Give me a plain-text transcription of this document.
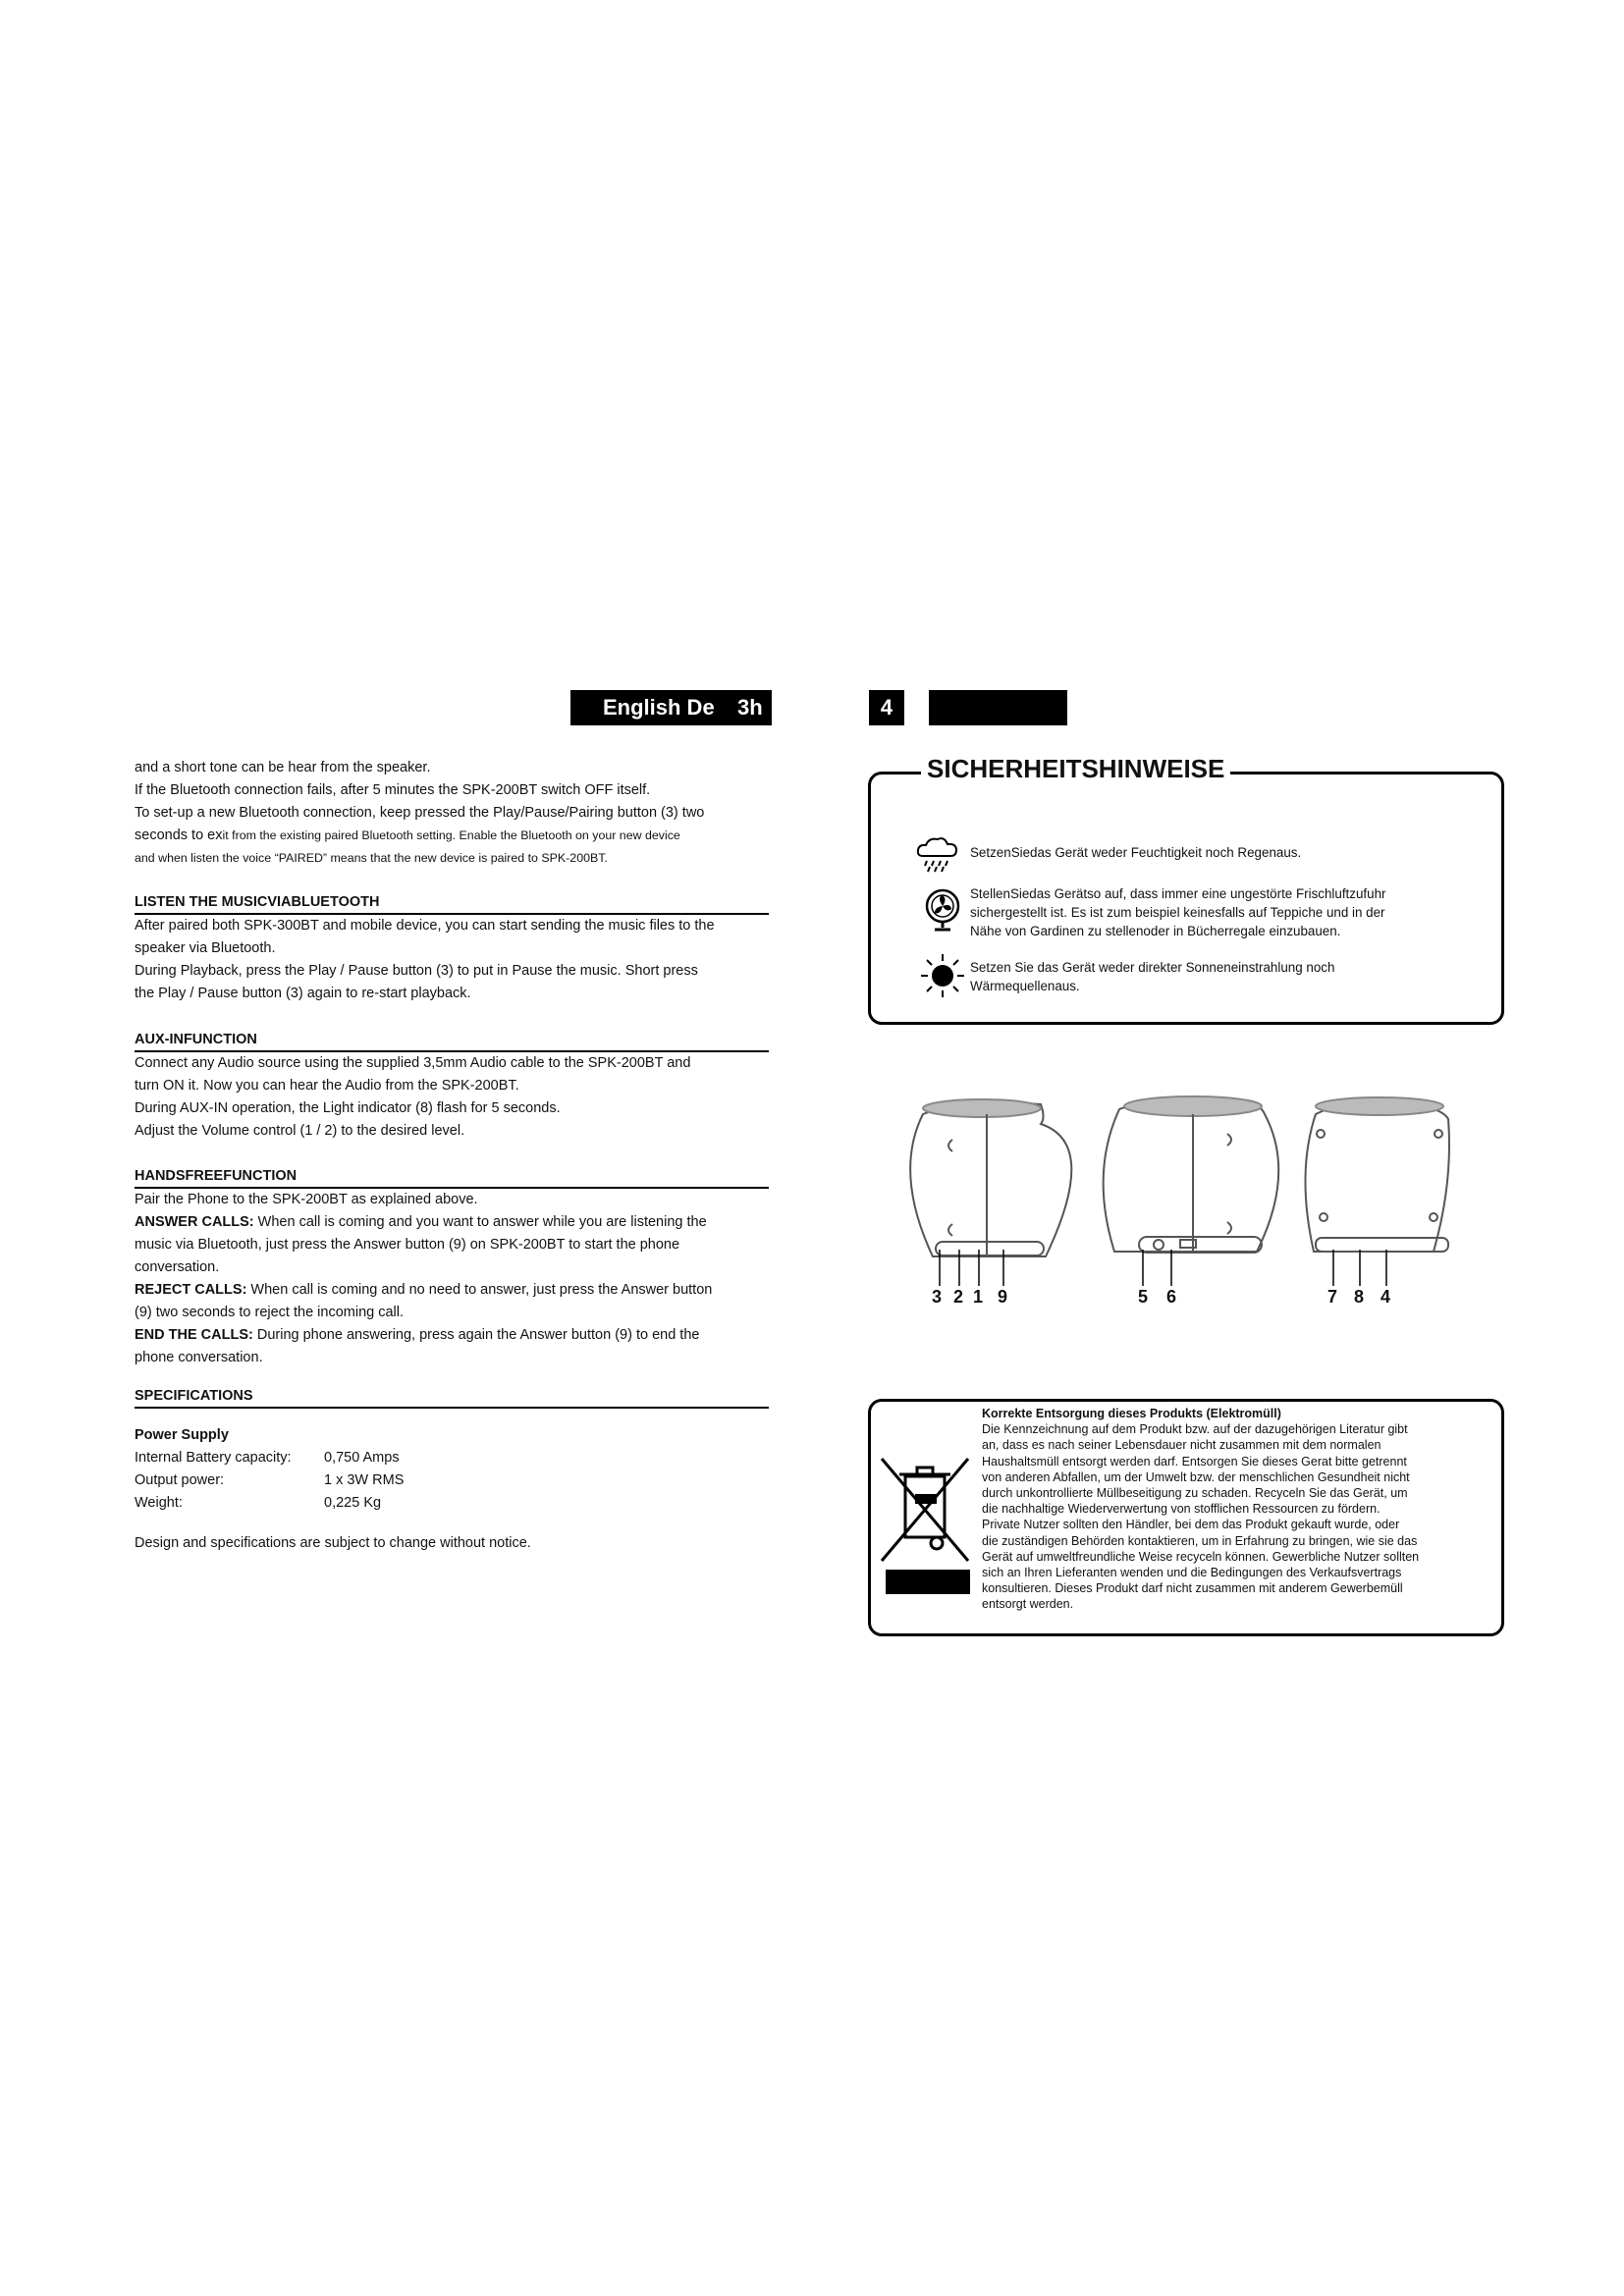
English De 3h	4

and a short tone can be hear from the speaker.

If the Bluetooth connection fails, after 5 minutes the SPK-200BT switch OFF itself.

To set-up a new Bluetooth connection, keep pressed the Play/Pause/Pairing button (3) two

seconds to exit from the existing paired Bluetooth setting. Enable the Bluetooth on your new device

and when listen the voice “PAIRED” means that the new device is paired to SPK-200BT.

LISTEN THE MUSICVIABLUETOOTH

After paired both SPK-300BT and mobile device, you can start sending the music files to the

speaker via Bluetooth.

During Playback, press the Play / Pause button (3) to put in Pause the music. Short press

the Play / Pause button (3) again to re-start playback.

AUX-INFUNCTION

Connect any Audio source using the supplied 3,5mm Audio cable to the SPK-200BT and

turn ON it. Now you can hear the Audio from the SPK-200BT.

During AUX-IN operation, the Light indicator (8) flash for 5 seconds.

Adjust the Volume control (1 / 2) to the desired level.

HANDSFREEFUNCTION

Pair the Phone to the SPK-200BT as explained above.

ANSWER CALLS: When call is coming and you want to answer while you are listening the

music via Bluetooth, just press the Answer button (9) on SPK-200BT to start the phone

conversation.

REJECT CALLS: When call is coming and no need to answer, just press the Answer button

(9) two seconds to reject the incoming call.

END THE CALLS: During phone answering, press again the Answer button (9) to end the

phone conversation.

SPECIFICATIONS

Power Supply

Internal Battery capacity:	0,750 Amps
Output power:	1 x 3W RMS
Weight:	0,225 Kg

Design and specifications are subject to change without notice.

SICHERHEITSHINWEISE
SetzenSiedas Gerät weder Feuchtigkeit noch Regenaus.
StellenSiedas Gerätso auf, dass immer eine ungestörte Frischluftzufuhr
sichergestellt ist. Es ist zum beispiel keinesfalls auf Teppiche und in der
Nähe von Gardinen zu stellenoder in Bücherregale einzubauen.
Setzen Sie das Gerät weder direkter Sonneneinstrahlung noch
Wärmequellenaus.
3 2 1 9	5 6	7 8 4
Korrekte Entsorgung dieses Produkts (Elektromüll)
Die Kennzeichnung auf dem Produkt bzw. auf der dazugehörigen Literatur gibt
an, dass es nach seiner Lebensdauer nicht zusammen mit dem normalen
Haushaltsmüll entsorgt werden darf. Entsorgen Sie dieses Gerat bitte getrennt
von anderen Abfallen, um der Umwelt bzw. der menschlichen Gesundheit nicht
durch unkontrollierte Müllbeseitigung zu schaden. Recyceln Sie das Gerät, um
die nachhaltige Wiederverwertung von stofflichen Ressourcen zu fördern.
Private Nutzer sollten den Händler, bei dem das Produkt gekauft wurde, oder
die zuständigen Behörden kontaktieren, um in Erfahrung zu bringen, wie sie das
Gerät auf umweltfreundliche Weise recyceln können. Gewerbliche Nutzer sollten
sich an Ihren Lieferanten wenden und die Bedingungen des Verkaufsvertrags
konsultieren. Dieses Produkt darf nicht zusammen mit anderem Gewerbemüll
entsorgt werden.
